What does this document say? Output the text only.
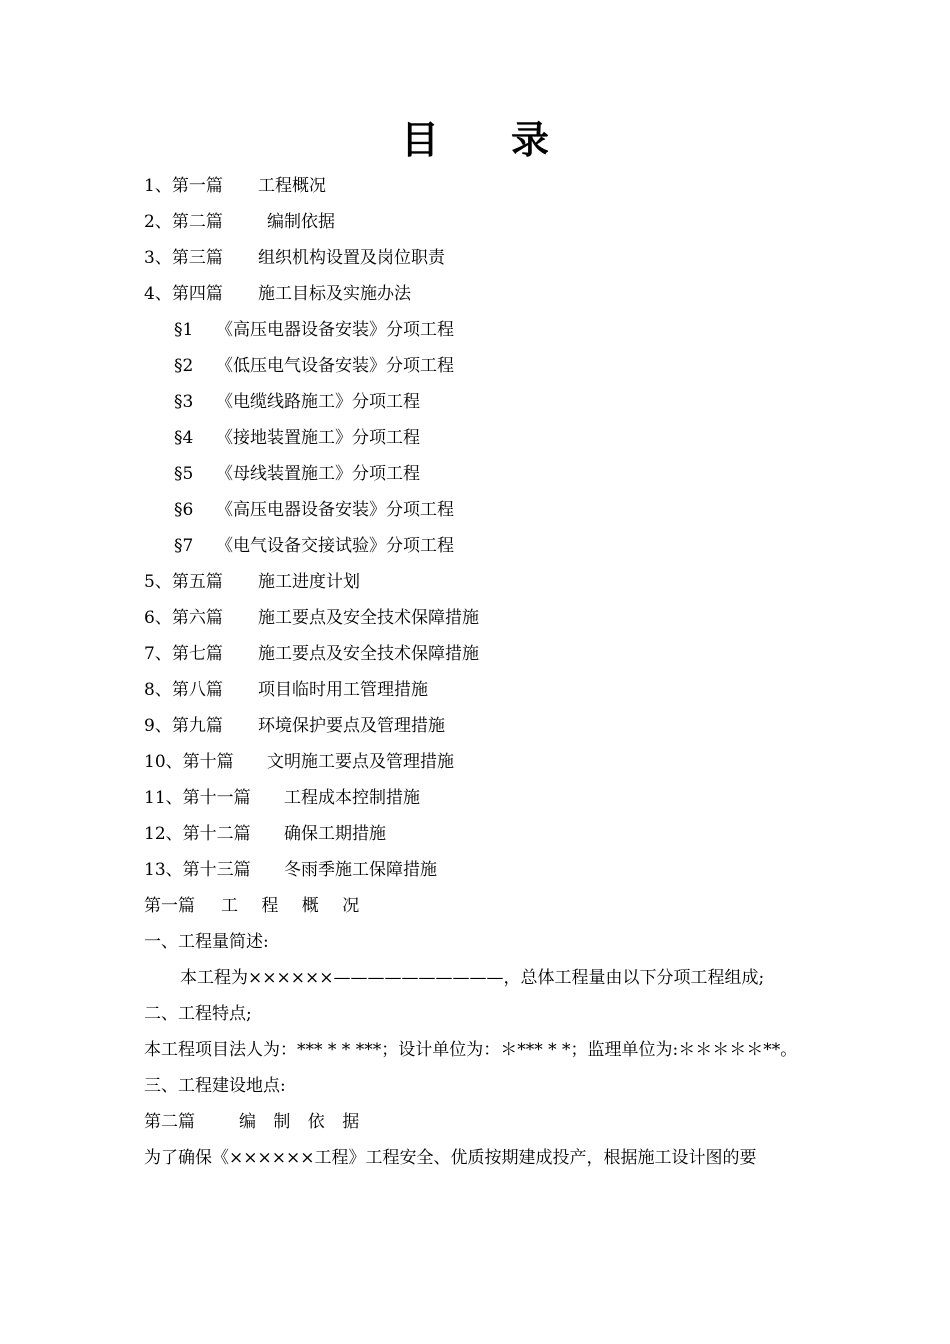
目 录
1、第一篇 工程概况
2、第二篇	编制依据
3、第三篇 组织机构设置及岗位职责
4、第四篇 施工目标及实施办法
§1 《高压电器设备安装》分项工程
§2 《低压电气设备安装》分项工程
§3 《电缆线路施工》分项工程
§4 《接地装置施工》分项工程
§5 《母线装置施工》分项工程
§6 《高压电器设备安装》分项工程
§7 《电气设备交接试验》分项工程
5、第五篇 施工进度计划
6、第六篇 施工要点及安全技术保障措施
7、第七篇 施工要点及安全技术保障措施
8、第八篇 项目临时用工管理措施
9、第九篇 环境保护要点及管理措施
10、第十篇 文明施工要点及管理措施
11、第十一篇 工程成本控制措施
12、第十二篇 确保工期措施
13、第十三篇 冬雨季施工保障措施
第一篇 工 程 概 况
一、工程量简述:
本工程为××××××——————————，总体工程量由以下分项工程组成;
二、工程特点;
本工程项目法人为：*** * * ***；设计单位为：＊*** * *；监理单位为:＊＊＊＊＊**。
三、工程建设地点:
第二篇	编 制 依 据
为了确保《××××××工程》工程安全、优质按期建成投产，根据施工设计图的要
